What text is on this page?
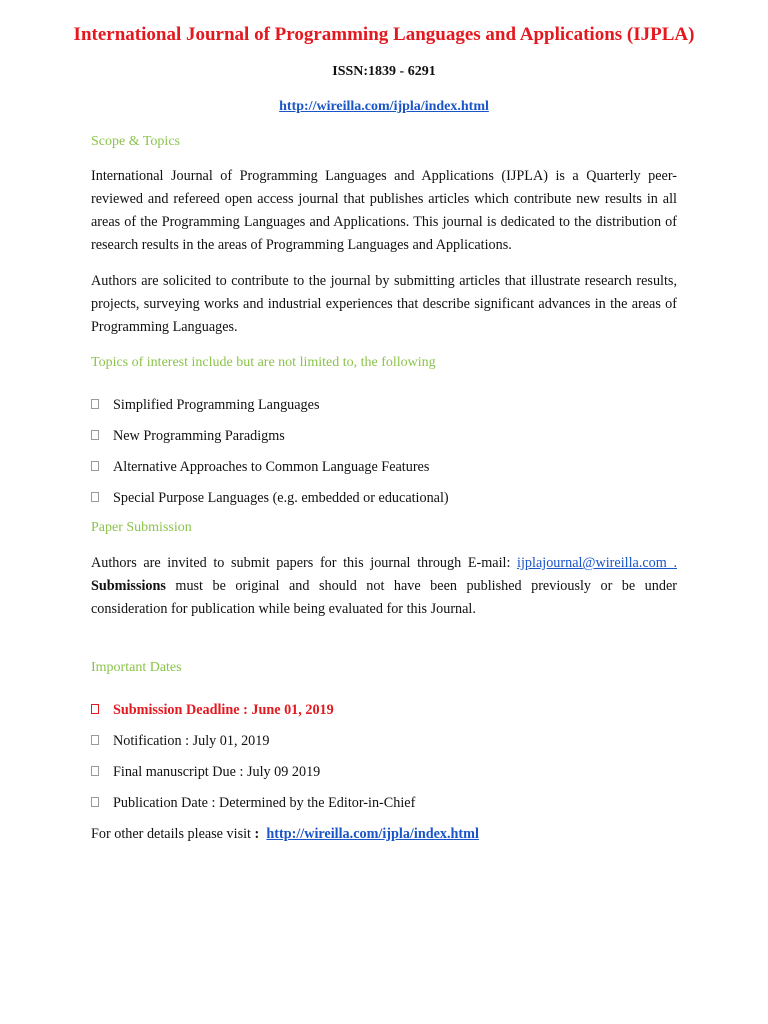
International Journal of Programming Languages and Applications (IJPLA)
ISSN:1839 - 6291
http://wireilla.com/ijpla/index.html
Scope & Topics
International Journal of Programming Languages and Applications (IJPLA) is a Quarterly peer-reviewed and refereed open access journal that publishes articles which contribute new results in all areas of the Programming Languages and Applications. This journal is dedicated to the distribution of research results in the areas of Programming Languages and Applications.
Authors are solicited to contribute to the journal by submitting articles that illustrate research results, projects, surveying works and industrial experiences that describe significant advances in the areas of Programming Languages.
Topics of interest include but are not limited to, the following
Simplified Programming Languages
New Programming Paradigms
Alternative Approaches to Common Language Features
Special Purpose Languages (e.g. embedded or educational)
Paper Submission
Authors are invited to submit papers for this journal through E-mail: ijplajournal@wireilla.com . Submissions must be original and should not have been published previously or be under consideration for publication while being evaluated for this Journal.
Important Dates
Submission Deadline : June 01, 2019
Notification : July 01, 2019
Final manuscript Due : July 09 2019
Publication Date : Determined by the Editor-in-Chief
For other details please visit : http://wireilla.com/ijpla/index.html
